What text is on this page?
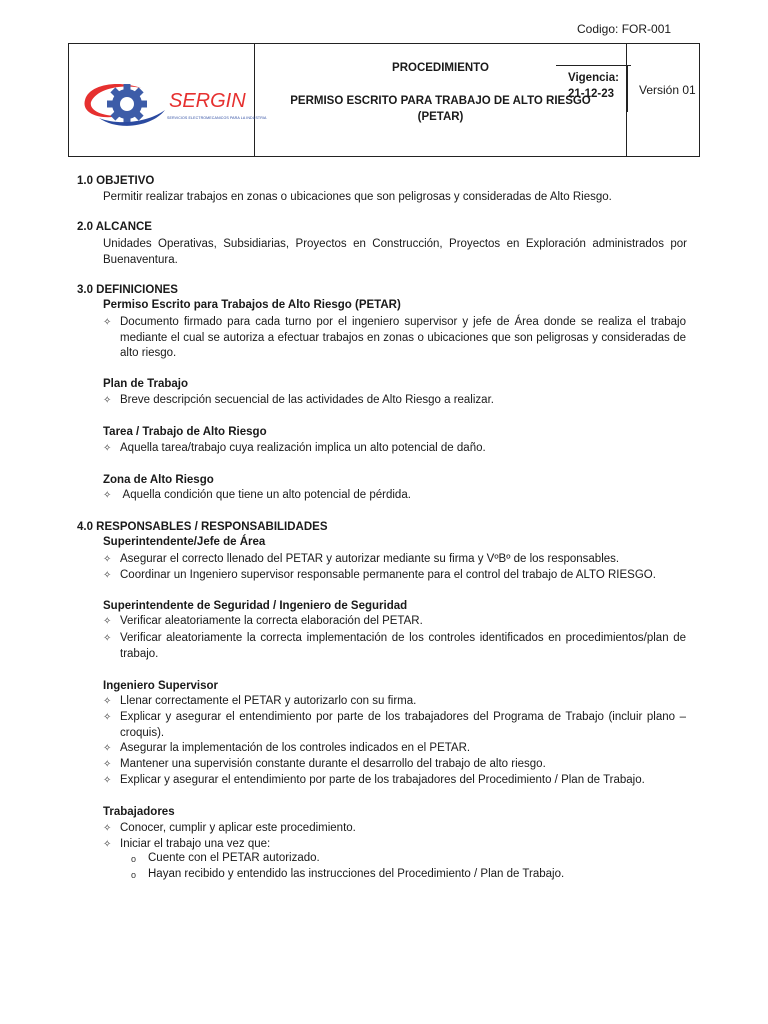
SERGIN
SERVICIOS ELECTROMECANICOS PARA LA INDUSTRIA
PROCEDIMIENTO
PERMISO ESCRITO PARA TRABAJO DE ALTO RIESGO
(PETAR)
Codigo: FOR-001
Vigencia:
21-12-23	Versión 01
1.0 OBJETIVO
Permitir realizar trabajos en zonas o ubicaciones que son peligrosas y consideradas de Alto Riesgo.
2.0 ALCANCE
Unidades Operativas, Subsidiarias, Proyectos en Construcción, Proyectos en Exploración administrados por
Buenaventura.
3.0 DEFINICIONES
Permiso Escrito para Trabajos de Alto Riesgo (PETAR)
✧ Documento firmado para cada turno por el ingeniero supervisor y jefe de Área donde se realiza el trabajo mediante el cual se autoriza a efectuar trabajos en zonas o ubicaciones que son peligrosas y consideradas de alto riesgo.
Plan de Trabajo
✧ Breve descripción secuencial de las actividades de Alto Riesgo a realizar.
Tarea / Trabajo de Alto Riesgo
✧ Aquella tarea/trabajo cuya realización implica un alto potencial de daño.
Zona de Alto Riesgo
✧ Aquella condición que tiene un alto potencial de pérdida.
4.0 RESPONSABLES / RESPONSABILIDADES
Superintendente/Jefe de Área
✧ Asegurar el correcto llenado del PETAR y autorizar mediante su firma y VºBº de los responsables.
✧ Coordinar un Ingeniero supervisor responsable permanente para el control del trabajo de ALTO RIESGO.
Superintendente de Seguridad / Ingeniero de Seguridad
✧ Verificar aleatoriamente la correcta elaboración del PETAR.
✧ Verificar aleatoriamente la correcta implementación de los controles identificados en procedimientos/plan de trabajo.
Ingeniero Supervisor
✧ Llenar correctamente el PETAR y autorizarlo con su firma.
✧ Explicar y asegurar el entendimiento por parte de los trabajadores del Programa de Trabajo (incluir plano – croquis).
✧ Asegurar la implementación de los controles indicados en el PETAR.
✧ Mantener una supervisión constante durante el desarrollo del trabajo de alto riesgo.
✧ Explicar y asegurar el entendimiento por parte de los trabajadores del Procedimiento / Plan de Trabajo.
Trabajadores
✧ Conocer, cumplir y aplicar este procedimiento.
✧ Iniciar el trabajo una vez que:
o Cuente con el PETAR autorizado.
o Hayan recibido y entendido las instrucciones del Procedimiento / Plan de Trabajo.
